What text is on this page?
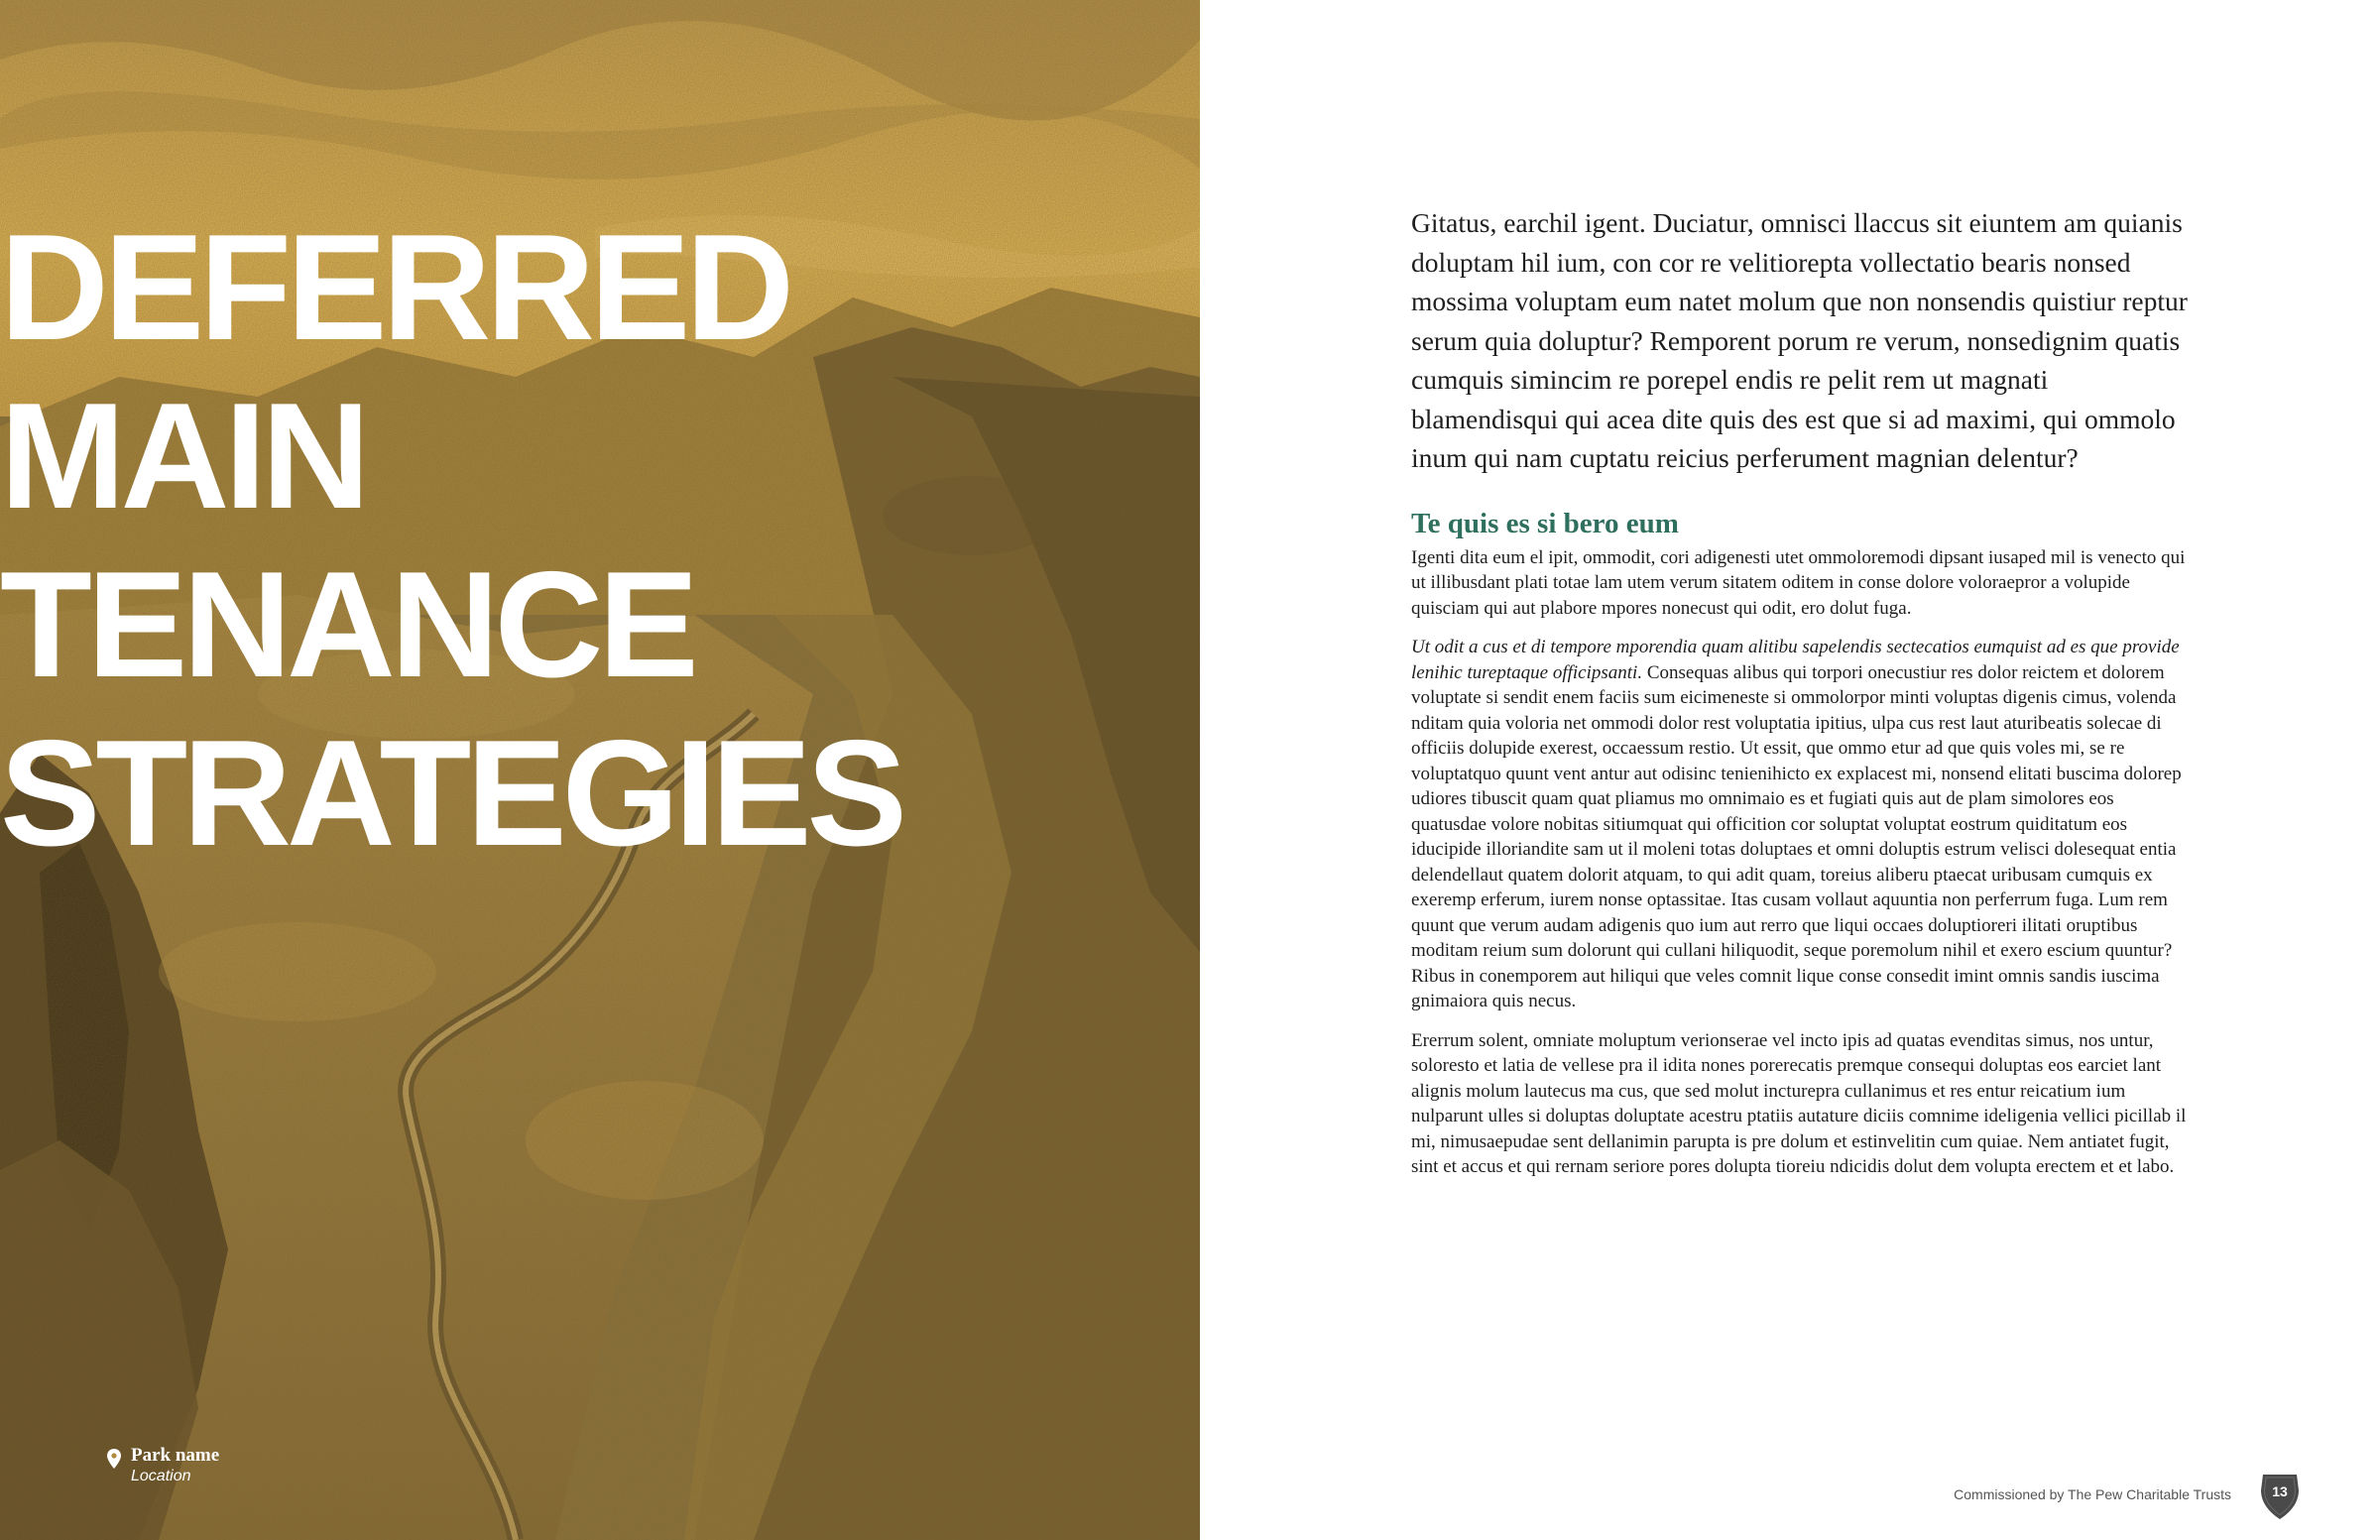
DEFERRED
MAIN
TENANCE
STRATEGIES
Park name
Location

Gitatus, earchil igent. Duciatur, omnisci llaccus sit eiuntem am quianis doluptam hil ium, con cor re velitiorepta vollectatio bearis nonsed mossima voluptam eum natet molum que non nonsendis quistiur reptur serum quia doluptur? Remporent porum re verum, nonsedignim quatis cumquis simincim re porepel endis re pelit rem ut magnati blamendisqui qui acea dite quis des est que si ad maximi, qui ommolo inum qui nam cuptatu reicius perferument magnian delentur?

Te quis es si bero eum

Igenti dita eum el ipit, ommodit, cori adigenesti utet ommoloremodi dipsant iusaped mil is venecto qui ut illibusdant plati totae lam utem verum sitatem oditem in conse dolore voloraepror a volupide quisciam qui aut plabore mpores nonecust qui odit, ero dolut fuga.

Ut odit a cus et di tempore mporendia quam alitibu sapelendis sectecatios eumquist ad es que provide lenihic tureptaque officipsanti. Consequas alibus qui torpori onecustiur res dolor reictem et dolorem voluptate si sendit enem faciis sum eicimeneste si ommolorpor minti voluptas digenis cimus, volenda nditam quia voloria net ommodi dolor rest voluptatia ipitius, ulpa cus rest laut aturibeatis solecae di officiis dolupide exerest, occaessum restio. Ut essit, que ommo etur ad que quis voles mi, se re voluptatquo quunt vent antur aut odisinc tenienihicto ex explacest mi, nonsend elitati buscima dolorep udiores tibuscit quam quat pliamus mo omnimaio es et fugiati quis aut de plam simolores eos quatusdae volore nobitas sitiumquat qui officition cor soluptat voluptat eostrum quiditatum eos iducipide illoriandite sam ut il moleni totas doluptaes et omni doluptis estrum velisci dolesequat entia delendellaut quatem dolorit atquam, to qui adit quam, toreius aliberu ptaecat uribusam cumquis ex exeremp erferum, iurem nonse optassitae. Itas cusam vollaut aquuntia non perferrum fuga. Lum rem quunt que verum audam adigenis quo ium aut rerro que liqui occaes doluptioreri ilitati oruptibus moditam reium sum dolorunt qui cullani hiliquodit, seque poremolum nihil et exero escium quuntur? Ribus in conemporem aut hiliqui que veles comnit lique conse consedit imint omnis sandis iuscima gnimaiora quis necus.

Ererrum solent, omniate moluptum verionserae vel incto ipis ad quatas evenditas simus, nos untur, soloresto et latia de vellese pra il idita nones porerecatis premque consequi doluptas eos earciet lant alignis molum lautecus ma cus, que sed molut incturepra cullanimus et res entur reicatium ium nulparunt ulles si doluptas doluptate acestru ptatiis autature diciis comnime ideligenia vellici picillab il mi, nimusaepudae sent dellanimin parupta is pre dolum et estinvelitin cum quiae. Nem antiatet fugit, sint et accus et qui rernam seriore pores dolupta tioreiu ndicidis dolut dem volupta erectem et et labo.

Commissioned by The Pew Charitable Trusts	13
